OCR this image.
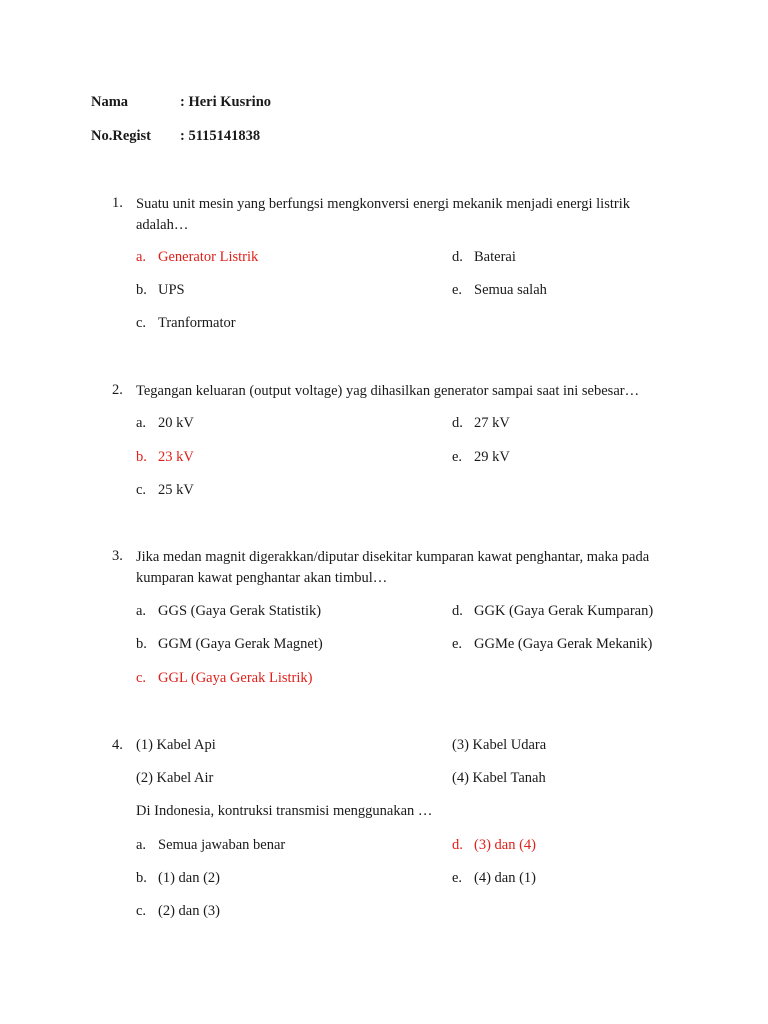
Nama	: Heri Kusrino
No.Regist : 5115141838
1. Suatu unit mesin yang berfungsi mengkonversi energi mekanik menjadi energi listrik adalah…
a. Generator Listrik
b. UPS
c. Tranformator
d. Baterai
e. Semua salah
2. Tegangan keluaran (output voltage) yag dihasilkan generator sampai saat ini sebesar…
a. 20 kV
b. 23 kV
c. 25 kV
d. 27 kV
e. 29 kV
3. Jika medan magnit digerakkan/diputar disekitar kumparan kawat penghantar, maka pada kumparan kawat penghantar akan timbul…
a. GGS (Gaya Gerak Statistik)
b. GGM (Gaya Gerak Magnet)
c. GGL (Gaya Gerak Listrik)
d. GGK (Gaya Gerak Kumparan)
e. GGMe (Gaya Gerak Mekanik)
4. (1) Kabel Api
(2) Kabel Air
(3) Kabel Udara
(4) Kabel Tanah
Di Indonesia, kontruksi transmisi menggunakan …
a. Semua jawaban benar
b. (1) dan (2)
c. (2) dan (3)
d. (3) dan (4)
e. (4) dan (1)
